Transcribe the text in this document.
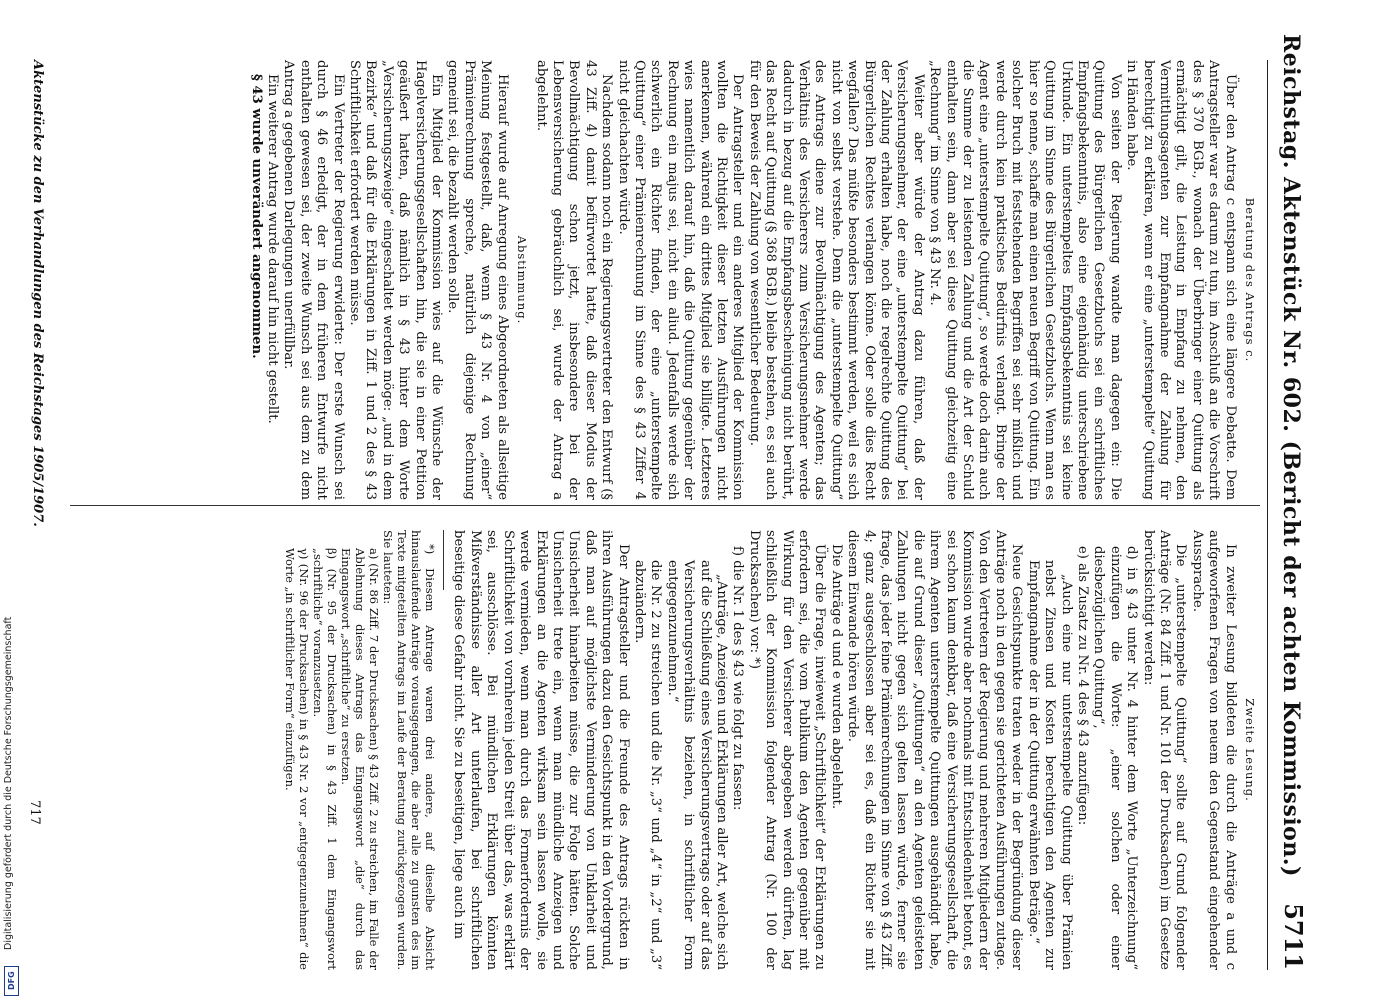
Reichstag. Aktenstück Nr. 602. (Bericht der achten Kommission.)
5711
Beratung des Antrags c.

Über den Antrag c entspann sich eine längere Debatte. Dem Antragsteller war es darum zu tun, im Anschluß an die Vorschrift des § 370 BGB., wonach der Überbringer einer Quittung als ermächtigt gilt, die Leistung in Empfang zu nehmen, den Vermittlungsagenten zur Empfangnahme der Zahlung für berechtigt zu erklären, wenn er eine „unterstempelte“ Quittung in Händen habe.

Von seiten der Regierung wandte man dagegen ein: Die Quittung des Bürgerlichen Gesetzbuchs sei ein schriftliches Empfangsbekenntnis, also eine eigenhändig unterschriebene Urkunde. Ein unterstempeltes Empfangsbekenntnis sei keine Quittung im Sinne des Bürgerlichen Gesetzbuchs. Wenn man es hier so nenne, schaffe man einen neuen Begriff von Quittung. Ein solcher Bruch mit feststehenden Begriffen sei sehr mißlich und werde durch kein praktisches Bedürfnis verlangt. Bringe der Agent eine „unterstempelte Quittung“, so werde doch darin auch die Summe der zu leistenden Zahlung und die Art der Schuld enthalten sein, dann aber sei diese Quittung gleichzeitig eine „Rechnung“ im Sinne von § 43 Nr. 4.

Weiter aber würde der Antrag dazu führen, daß der Versicherungsnehmer, der eine „unterstempelte Quittung“ bei der Zahlung erhalten habe, noch die regelrechte Quittung des Bürgerlichen Rechtes verlangen könne. Oder solle dies Recht wegfallen? Das müßte besonders bestimmt werden, weil es sich nicht von selbst verstehe. Denn die „unterstempelte Quittung“ des Antrags diene zur Bevollmächtigung des Agenten; das Verhältnis des Versicherers zum Versicherungsnehmer werde dadurch in bezug auf die Empfangsbescheinigung nicht berührt, das Recht auf Quittung (§ 368 BGB.) bleibe bestehen, es sei auch für den Beweis der Zahlung von wesentlicher Bedeutung.

Der Antragsteller und ein anderes Mitglied der Kommission wollten die Richtigkeit dieser letzten Ausführungen nicht anerkennen, während ein drittes Mitglied sie billigte. Letzteres wies namentlich darauf hin, daß die Quittung gegenüber der Rechnung ein majus sei, nicht ein aliud. Jedenfalls werde sich schwerlich ein Richter finden, der eine „unterstempelte Quittung“ einer Prämienrechnung im Sinne des § 43 Ziffer 4 nicht gleichachten würde.

Nachdem sodann noch ein Regierungsvertreter den Entwurf (§ 43 Ziff. 4) damit befürwortet hatte, daß dieser Modus der Bevollmächtigung schon jetzt, insbesondere bei der Lebensversicherung gebräuchlich sei, wurde der Antrag a abgelehnt.

Abstimmung.

Hierauf wurde auf Anregung eines Abgeordneten als allseitige Meinung festgestellt, daß, wenn § 43 Nr. 4 von „einer“ Prämienrechnung spreche, natürlich diejenige Rechnung gemeint sei, die bezahlt werden solle.

Ein Mitglied der Kommission wies auf die Wünsche der Hagelversicherungsgesellschaften hin, die sie in einer Petition geäußert hatten, daß nämlich in § 43 hinter dem Worte „Versicherungszweige“ eingeschaltet werden möge: „und in dem Bezirke“ und daß für die Erklärungen in Ziff. 1 und 2 des § 43 Schriftlichkeit erfordert werden müsse.

Ein Vertreter der Regierung erwiderte: Der erste Wunsch sei durch § 46 erledigt, der in dem früheren Entwurfe nicht enthalten gewesen sei, der zweite Wunsch sei aus dem zu dem Antrag a gegebenen Darlegungen unerfüllbar.

Ein weiterer Antrag wurde darauf hin nicht gestellt.

§ 43 wurde unverändert angenommen.

Zweite Lesung.

In zweiter Lesung bildeten die durch die Anträge a und c aufgeworfenen Fragen von neuem den Gegenstand eingehender Aussprache.

Die „unterstempelte Quittung“ sollte auf Grund folgender Anträge (Nr. 84 Ziff. 1 und Nr. 101 der Drucksachen) im Gesetze berücksichtigt werden:

d) in § 43 unter Nr. 4 hinter dem Worte „Unterzeichnung“ einzufügen die Worte: „einer solchen oder einer diesbezüglichen Quittung“,

e) als Zusatz zu Nr. 4 des § 43 anzufügen:

„Auch eine nur unterstempelte Quittung über Prämien nebst Zinsen und Kosten berechtigen den Agenten zur Empfangnahme der in der Quittung erwähnten Beträge.“

Neue Gesichtspunkte traten weder in der Begründung dieser Anträge noch in den gegen sie gerichteten Ausführungen zutage. Von den Vertretern der Regierung und mehreren Mitgliedern der Kommission wurde aber nochmals mit Entschiedenheit betont, es sei schon kaum denkbar, daß eine Versicherungsgesellschaft, die ihrem Agenten unterstempelte Quittungen ausgehändigt habe, die auf Grund dieser „Quittungen“ an den Agenten geleisteten Zahlungen nicht gegen sich gelten lassen würde, ferner sie frage, das jeder feine Prämienrechnungen im Sinne von § 43 Ziff. 4; ganz ausgeschlossen aber sei es, daß ein Richter sie mit diesem Einwande hören würde.

Die Anträge d und e wurden abgelehnt.

Über die Frage, inwieweit „Schriftlichkeit“ der Erklärungen zu erfordern sei, die vom Publikum den Agenten gegenüber mit Wirkung für den Versicherer abgegeben werden dürften, lag schließlich der Kommission folgender Antrag (Nr. 100 der Drucksachen) vor: *)

f) die Nr. 1 des § 43 wie folgt zu fassen:

„Anträge, Anzeigen und Erklärungen aller Art, welche sich auf die Schließung eines Versicherungsvertrags oder auf das Versicherungsverhältnis beziehen, in schriftlicher Form entgegenzunehmen.“

die Nr. 2 zu streichen und die Nr. „3“ und „4“ in „2“ und „3“ abzuändern.

Der Antragsteller und die Freunde des Antrags rückten in ihren Ausführungen dazu den Gesichtspunkt in den Vordergrund, daß man auf möglichste Verminderung von Unklarheit und Unsicherheit hinarbeiten müsse, die zur Folge hätten. Solche Unsicherheit trete ein, wenn man mündliche Anzeigen und Erklärungen an die Agenten wirksam sein lassen wolle, sie werde vermieden, wenn man durch das Formerfordernis der Schriftlichkeit von vornherein jeden Streit über das, was erklärt sei, ausschlösse. Bei mündlichen Erklärungen könnten Mißverständnisse aller Art unterlaufen, bei schriftlichen beseitige diese Gefahr nicht. Sie zu beseitigen, liege auch im

*) Diesem Antrage waren drei andere, auf dieselbe Absicht hinauslaufende Anträge vorausgegangen, die aber alle zu gunsten des im Texte mitgeteilten Antrags im Laufe der Beratung zurückgezogen wurden. Sie lauteten:

a) (Nr. 86 Ziff. 7 der Drucksachen) § 43 Ziff. 2 zu streichen, im Falle der Ablehnung dieses Antrags das Eingangswort „die“ durch das Eingangswort „schriftliche“ zu ersetzen.

β) (Nr. 95 der Drucksachen) in § 43 Ziff. 1 dem Eingangswort „schriftliche“ voranzusetzen.

γ) (Nr. 96 der Drucksachen) in § 43 Nr. 2 vor „entgegenzunehmen“ die Worte „in schriftlicher Form“ einzufügen.

Aktenstücke zu den Verhandlungen des Reichstages 1905/1907.
717
Digitalisierung gefördert durch die Deutsche Forschungsgemeinschaft
DFG
